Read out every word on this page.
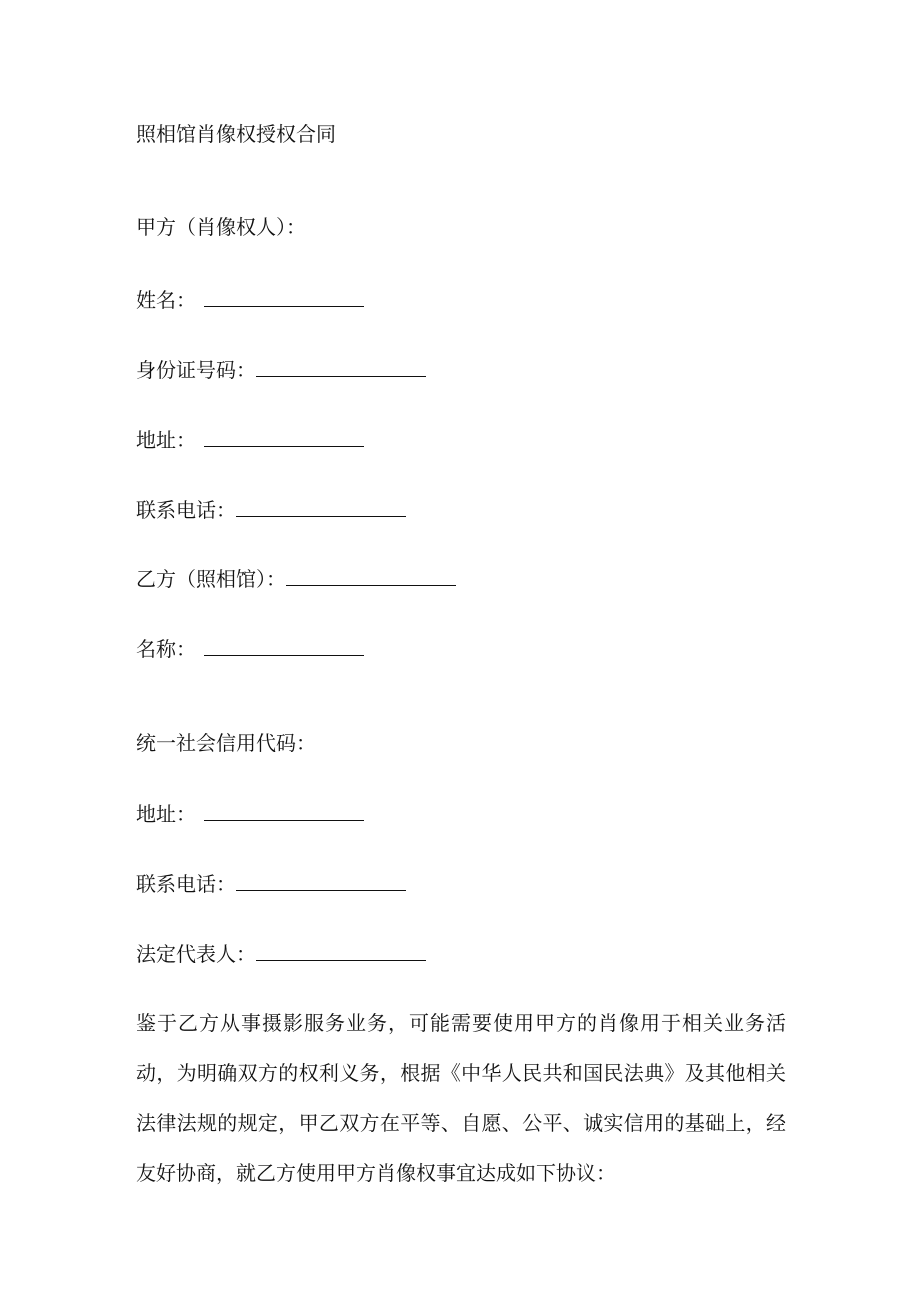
照相馆肖像权授权合同
甲方（肖像权人）：
姓名：
身份证号码：
地址：
联系电话：
乙方（照相馆）：
名称：
统一社会信用代码：
地址：
联系电话：
法定代表人：
鉴于乙方从事摄影服务业务，可能需要使用甲方的肖像用于相关业务活
动，为明确双方的权利义务，根据《中华人民共和国民法典》及其他相关
法律法规的规定，甲乙双方在平等、自愿、公平、诚实信用的基础上，经
友好协商，就乙方使用甲方肖像权事宜达成如下协议：
